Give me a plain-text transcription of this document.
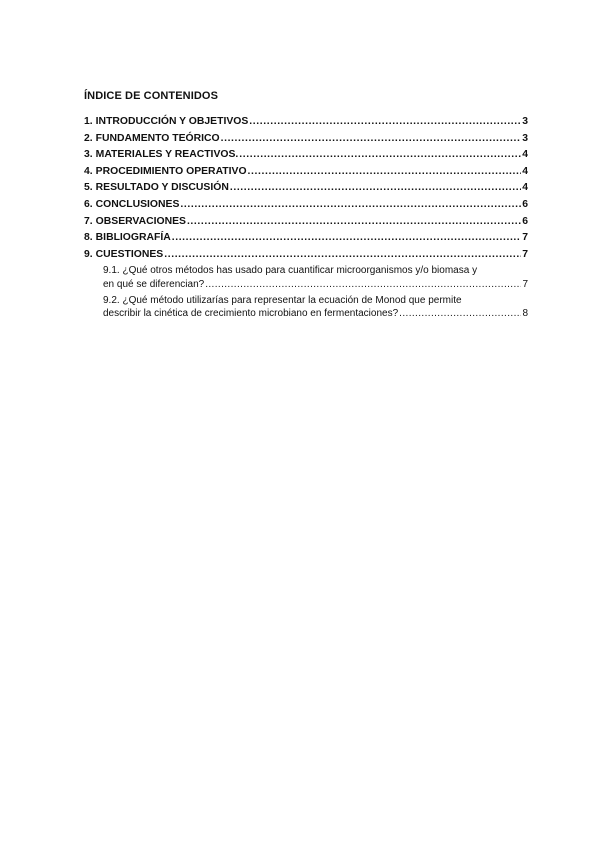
ÍNDICE DE CONTENIDOS
1. INTRODUCCIÓN Y OBJETIVOS .....	3
2. FUNDAMENTO TEÓRICO .....	3
3. MATERIALES Y REACTIVOS. .....	4
4. PROCEDIMIENTO OPERATIVO .....	4
5. RESULTADO Y DISCUSIÓN .....	4
6. CONCLUSIONES .....	6
7. OBSERVACIONES .....	6
8. BIBLIOGRAFÍA .....	7
9. CUESTIONES .....	7
9.1. ¿Qué otros métodos has usado para cuantificar microorganismos y/o biomasa y
en qué se diferencian? .....	7
9.2. ¿Qué método utilizarías para representar la ecuación de Monod que permite
describir la cinética de crecimiento microbiano en fermentaciones? .....	8
